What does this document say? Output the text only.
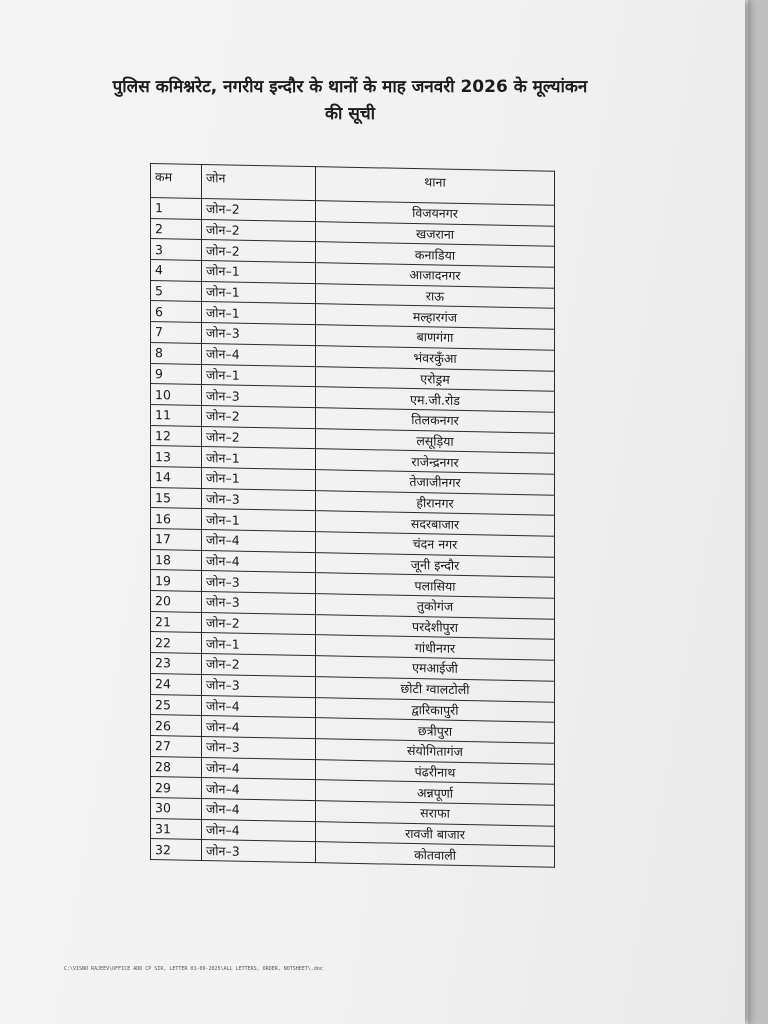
पुलिस कमिश्नरेट, नगरीय इन्दौर के थानों के माह जनवरी 2026 के मूल्यांकन
की सूची
कम	जोन	थाना
1	जोन–2	विजयनगर
2	जोन–2	खजराना
3	जोन–2	कनाडिया
4	जोन–1	आजादनगर
5	जोन–1	राऊ
6	जोन–1	मल्हारगंज
7	जोन–3	बाणगंगा
8	जोन–4	भंवरकुँआ
9	जोन–1	एरोड्रम
10	जोन–3	एम.जी.रोड
11	जोन–2	तिलकनगर
12	जोन–2	लसूड़िया
13	जोन–1	राजेन्द्रनगर
14	जोन–1	तेजाजीनगर
15	जोन–3	हीरानगर
16	जोन–1	सदरबाजार
17	जोन–4	चंदन नगर
18	जोन–4	जूनी इन्दौर
19	जोन–3	पलासिया
20	जोन–3	तुकोगंज
21	जोन–2	परदेशीपुरा
22	जोन–1	गांधीनगर
23	जोन–2	एमआईजी
24	जोन–3	छोटी ग्वालटोली
25	जोन–4	द्वारिकापुरी
26	जोन–4	छत्रीपुरा
27	जोन–3	संयोगितागंज
28	जोन–4	पंढरीनाथ
29	जोन–4	अन्नपूर्णा
30	जोन–4	सराफा
31	जोन–4	रावजी बाजार
32	जोन–3	कोतवाली
C:\VISNO RAJEEV\OFFICE ADD CP SIR, LETTER 01-09-2025\ALL LETTERS, ORDER, NOTSHEET\.doc
